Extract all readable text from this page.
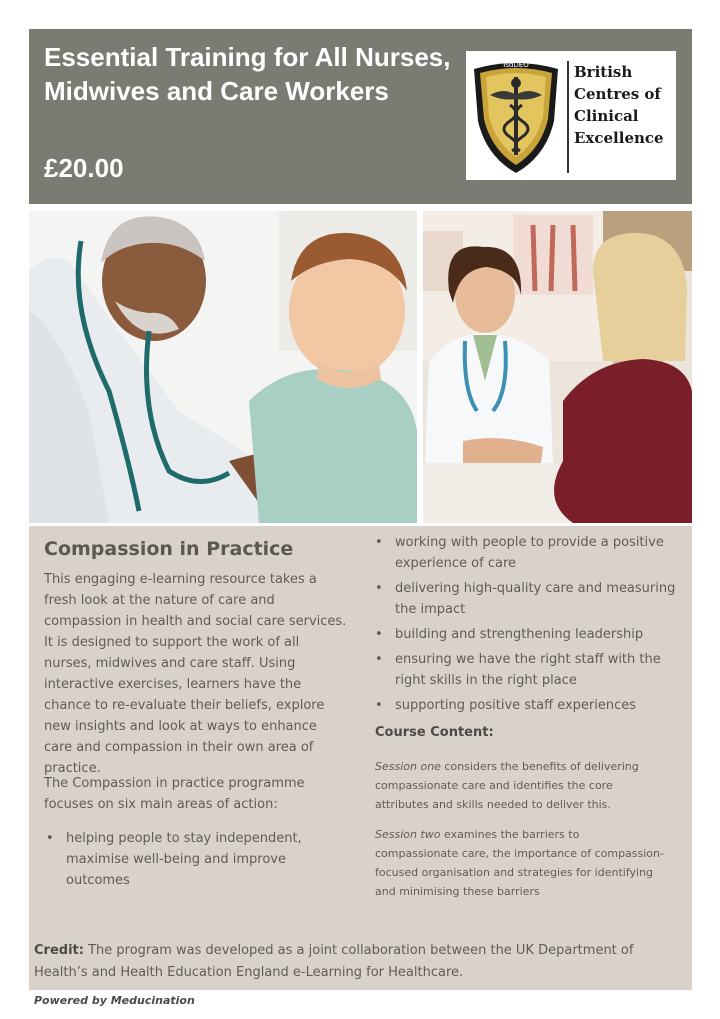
Essential Training for All Nurses, Midwives and Care Workers
£20.00
IsdDEO	British
Centres of
Clinical
Excellence
Compassion in Practice

This engaging e-learning resource takes a fresh look at the nature of care and compassion in health and social care services. It is designed to support the work of all nurses, midwives and care staff. Using interactive exercises, learners have the chance to re-evaluate their beliefs, explore new insights and look at ways to enhance care and compassion in their own area of practice.

The Compassion in practice programme focuses on six main areas of action:

• helping people to stay independent, maximise well-being and improve outcomes
• working with people to provide a positive experience of care
• delivering high-quality care and measuring the impact
• building and strengthening leadership
• ensuring we have the right staff with the right skills in the right place
• supporting positive staff experiences

Course Content:

Session one considers the benefits of delivering compassionate care and identifies the core attributes and skills needed to deliver this.

Session two examines the barriers to compassionate care, the importance of compassion-focused organisation and strategies for identifying and minimising these barriers

Credit: The program was developed as a joint collaboration between the UK Department of Health’s and Health Education England e-Learning for Healthcare.

Powered by Meducination
